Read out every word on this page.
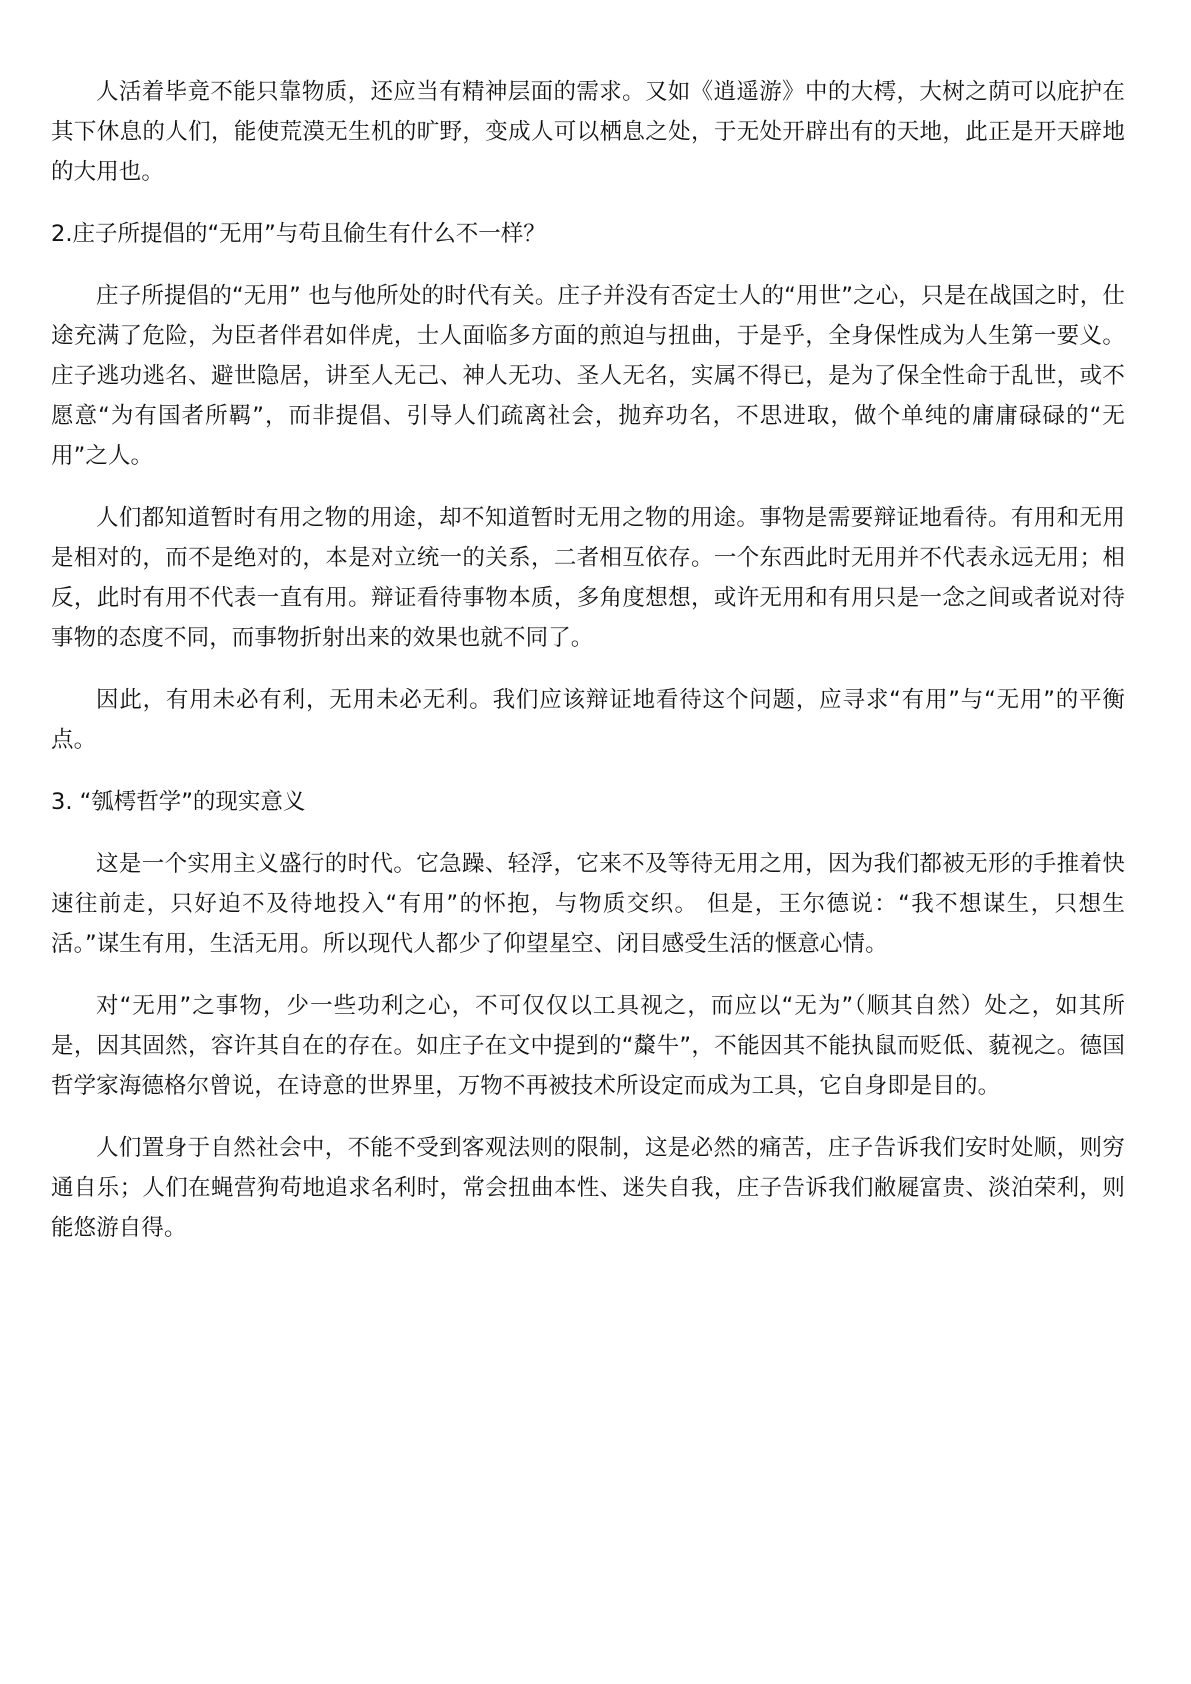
人活着毕竟不能只靠物质，还应当有精神层面的需求。又如《逍遥游》中的大樗，大树之荫可以庇护在其下休息的人们，能使荒漠无生机的旷野，变成人可以栖息之处，于无处开辟出有的天地，此正是开天辟地的大用也。

2.庄子所提倡的“无用”与苟且偷生有什么不一样？

庄子所提倡的“无用” 也与他所处的时代有关。庄子并没有否定士人的“用世”之心，只是在战国之时，仕途充满了危险，为臣者伴君如伴虎，士人面临多方面的煎迫与扭曲，于是乎，全身保性成为人生第一要义。庄子逃功逃名、避世隐居，讲至人无己、神人无功、圣人无名，实属不得已，是为了保全性命于乱世，或不愿意“为有国者所羁”，而非提倡、引导人们疏离社会，抛弃功名，不思进取，做个单纯的庸庸碌碌的“无用”之人。

人们都知道暂时有用之物的用途，却不知道暂时无用之物的用途。事物是需要辩证地看待。有用和无用是相对的，而不是绝对的，本是对立统一的关系，二者相互依存。一个东西此时无用并不代表永远无用；相反，此时有用不代表一直有用。辩证看待事物本质，多角度想想，或许无用和有用只是一念之间或者说对待事物的态度不同，而事物折射出来的效果也就不同了。

因此，有用未必有利，无用未必无利。我们应该辩证地看待这个问题，应寻求“有用”与“无用”的平衡点。

3. “瓠樗哲学”的现实意义

这是一个实用主义盛行的时代。它急躁、轻浮，它来不及等待无用之用，因为我们都被无形的手推着快速往前走，只好迫不及待地投入“有用”的怀抱，与物质交织。 但是，王尔德说：“我不想谋生，只想生活。”谋生有用，生活无用。所以现代人都少了仰望星空、闭目感受生活的惬意心情。

对“无用”之事物，少一些功利之心，不可仅仅以工具视之，而应以“无为”（顺其自然）处之，如其所是，因其固然，容许其自在的存在。如庄子在文中提到的“斄牛”，不能因其不能执鼠而贬低、藐视之。德国哲学家海德格尔曾说，在诗意的世界里，万物不再被技术所设定而成为工具，它自身即是目的。

人们置身于自然社会中，不能不受到客观法则的限制，这是必然的痛苦，庄子告诉我们安时处顺，则穷通自乐；人们在蝇营狗苟地追求名利时，常会扭曲本性、迷失自我，庄子告诉我们敝屣富贵、淡泊荣利，则能悠游自得。
